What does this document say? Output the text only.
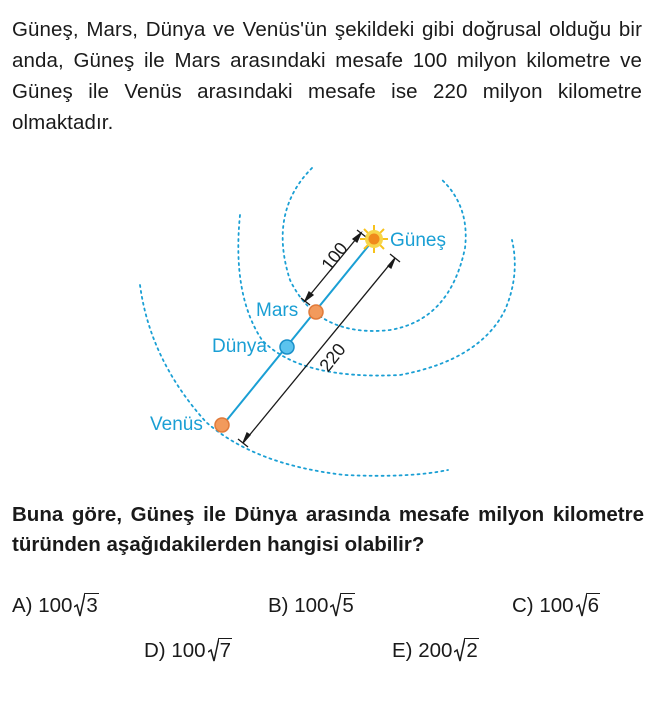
Güneş, Mars, Dünya ve Venüs'ün şekildeki gibi doğrusal olduğu bir anda, Güneş ile Mars arasındaki mesafe 100 milyon kilometre ve Güneş ile Venüs arasındaki mesafe ise 220 milyon kilometre olmaktadır.
Güneş
Mars
Dünya
Venüs
100
220
Buna göre, Güneş ile Dünya arasında mesafe milyon kilometre türünden aşağıdakilerden hangisi olabilir?
A) 100 3	B) 100 5	C) 100 6
D) 100 7	E) 200 2
